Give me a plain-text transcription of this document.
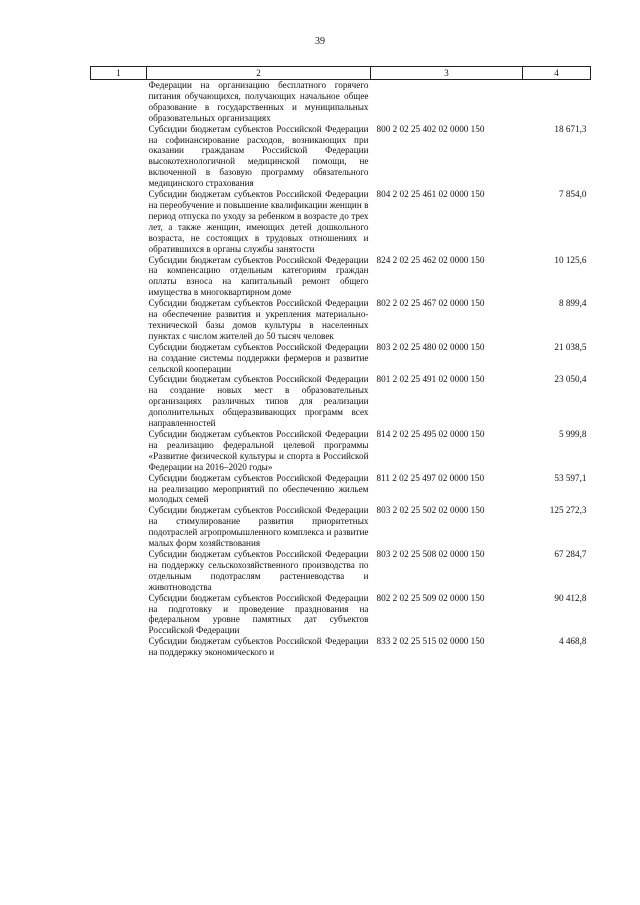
39
1	2	3	4
	Федерации на организацию бесплатного горячего питания обучающихся, получающих начальное общее образование в государственных и муниципальных образовательных организациях		
	Субсидии бюджетам субъектов Российской Федерации на софинансирование расходов, возникающих при оказании гражданам Российской Федерации высокотехнологичной медицинской помощи, не включенной в базовую программу обязательного медицинского страхования	800 2 02 25 402 02 0000 150	18 671,3
	Субсидии бюджетам субъектов Российской Федерации на переобучение и повышение квалификации женщин в период отпуска по уходу за ребенком в возрасте до трех лет, а также женщин, имеющих детей дошкольного возраста, не состоящих в трудовых отношениях и обратившихся в органы службы занятости	804 2 02 25 461 02 0000 150	7 854,0
	Субсидии бюджетам субъектов Российской Федерации на компенсацию отдельным категориям граждан оплаты взноса на капитальный ремонт общего имущества в многоквартирном доме	824 2 02 25 462 02 0000 150	10 125,6
	Субсидии бюджетам субъектов Российской Федерации на обеспечение развития и укрепления материально-технической базы домов культуры в населенных пунктах с числом жителей до 50 тысяч человек	802 2 02 25 467 02 0000 150	8 899,4
	Субсидии бюджетам субъектов Российской Федерации на создание системы поддержки фермеров и развитие сельской кооперации	803 2 02 25 480 02 0000 150	21 038,5
	Субсидии бюджетам субъектов Российской Федерации на создание новых мест в образовательных организациях различных типов для реализации дополнительных общеразвивающих программ всех направленностей	801 2 02 25 491 02 0000 150	23 050,4
	Субсидии бюджетам субъектов Российской Федерации на реализацию федеральной целевой программы «Развитие физической культуры и спорта в Российской Федерации на 2016–2020 годы»	814 2 02 25 495 02 0000 150	5 999,8
	Субсидии бюджетам субъектов Российской Федерации на реализацию мероприятий по обеспечению жильем молодых семей	811 2 02 25 497 02 0000 150	53 597,1
	Субсидии бюджетам субъектов Российской Федерации на стимулирование развития приоритетных подотраслей агропромышленного комплекса и развитие малых форм хозяйствования	803 2 02 25 502 02 0000 150	125 272,3
	Субсидии бюджетам субъектов Российской Федерации на поддержку сельскохозяйственного производства по отдельным подотраслям растениеводства и животноводства	803 2 02 25 508 02 0000 150	67 284,7
	Субсидии бюджетам субъектов Российской Федерации на подготовку и проведение празднования на федеральном уровне памятных дат субъектов Российской Федерации	802 2 02 25 509 02 0000 150	90 412,8
	Субсидии бюджетам субъектов Российской Федерации на поддержку экономического и	833 2 02 25 515 02 0000 150	4 468,8
